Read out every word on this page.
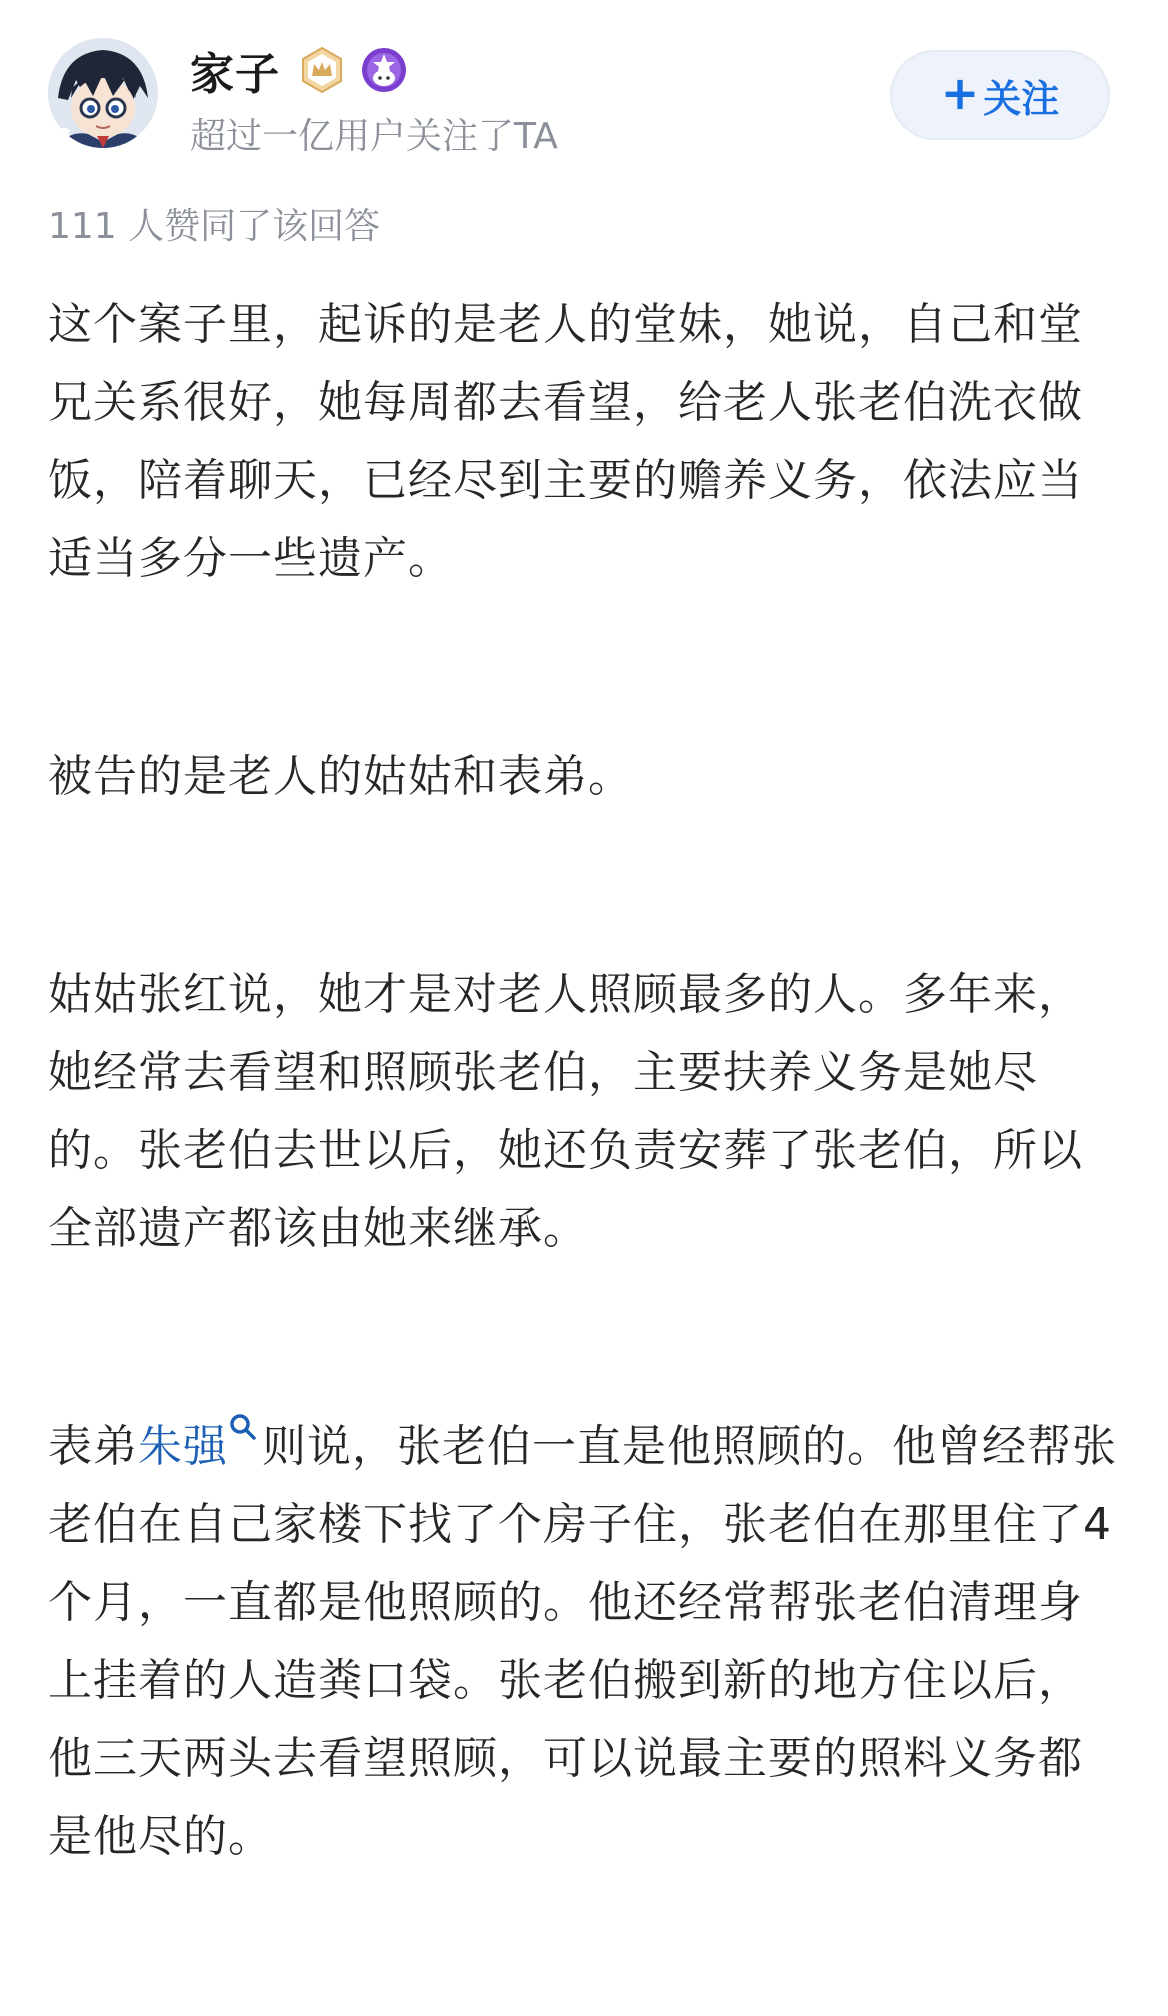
家子
超过一亿用户关注了TA
+ 关注
111 人赞同了该回答

这个案子里，起诉的是老人的堂妹，她说，自己和堂兄关系很好，她每周都去看望，给老人张老伯洗衣做饭，陪着聊天，已经尽到主要的赡养义务，依法应当适当多分一些遗产。

被告的是老人的姑姑和表弟。

姑姑张红说，她才是对老人照顾最多的人。多年来，她经常去看望和照顾张老伯，主要扶养义务是她尽的。张老伯去世以后，她还负责安葬了张老伯，所以全部遗产都该由她来继承。

表弟朱强 则说，张老伯一直是他照顾的。他曾经帮张老伯在自己家楼下找了个房子住，张老伯在那里住了4个月，一直都是他照顾的。他还经常帮张老伯清理身上挂着的人造粪口袋。张老伯搬到新的地方住以后，他三天两头去看望照顾，可以说最主要的照料义务都是他尽的。
